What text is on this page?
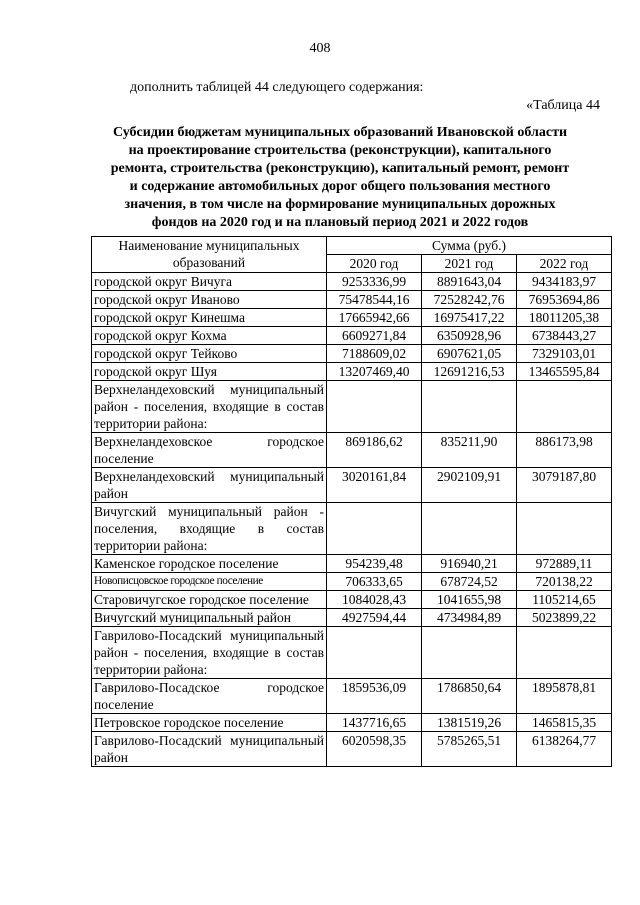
408
дополнить таблицей 44 следующего содержания:
«Таблица 44
Субсидии бюджетам муниципальных образований Ивановской области
на проектирование строительства (реконструкции), капитального
ремонта, строительства (реконструкцию), капитальный ремонт, ремонт
и содержание автомобильных дорог общего пользования местного
значения, в том числе на формирование муниципальных дорожных
фондов на 2020 год и на плановый период 2021 и 2022 годов
Наименование муниципальных образований	Сумма (руб.)		
	2020 год	2021 год	2022 год
городской округ Вичуга	9253336,99	8891643,04	9434183,97
городской округ Иваново	75478544,16	72528242,76	76953694,86
городской округ Кинешма	17665942,66	16975417,22	18011205,38
городской округ Кохма	6609271,84	6350928,96	6738443,27
городской округ Тейково	7188609,02	6907621,05	7329103,01
городской округ Шуя	13207469,40	12691216,53	13465595,84
Верхнеландеховский муниципальный район - поселения, входящие в состав территории района:			
Верхнеландеховское городское поселение	869186,62	835211,90	886173,98
Верхнеландеховский муниципальный район	3020161,84	2902109,91	3079187,80
Вичугский муниципальный район - поселения, входящие в состав территории района:			
Каменское городское поселение	954239,48	916940,21	972889,11
Новописцовское городское поселение	706333,65	678724,52	720138,22
Старовичугское городское поселение	1084028,43	1041655,98	1105214,65
Вичугский муниципальный район	4927594,44	4734984,89	5023899,22
Гаврилово-Посадский муниципальный район - поселения, входящие в состав территории района:			
Гаврилово-Посадское городское поселение	1859536,09	1786850,64	1895878,81
Петровское городское поселение	1437716,65	1381519,26	1465815,35
Гаврилово-Посадский муниципальный район	6020598,35	5785265,51	6138264,77
